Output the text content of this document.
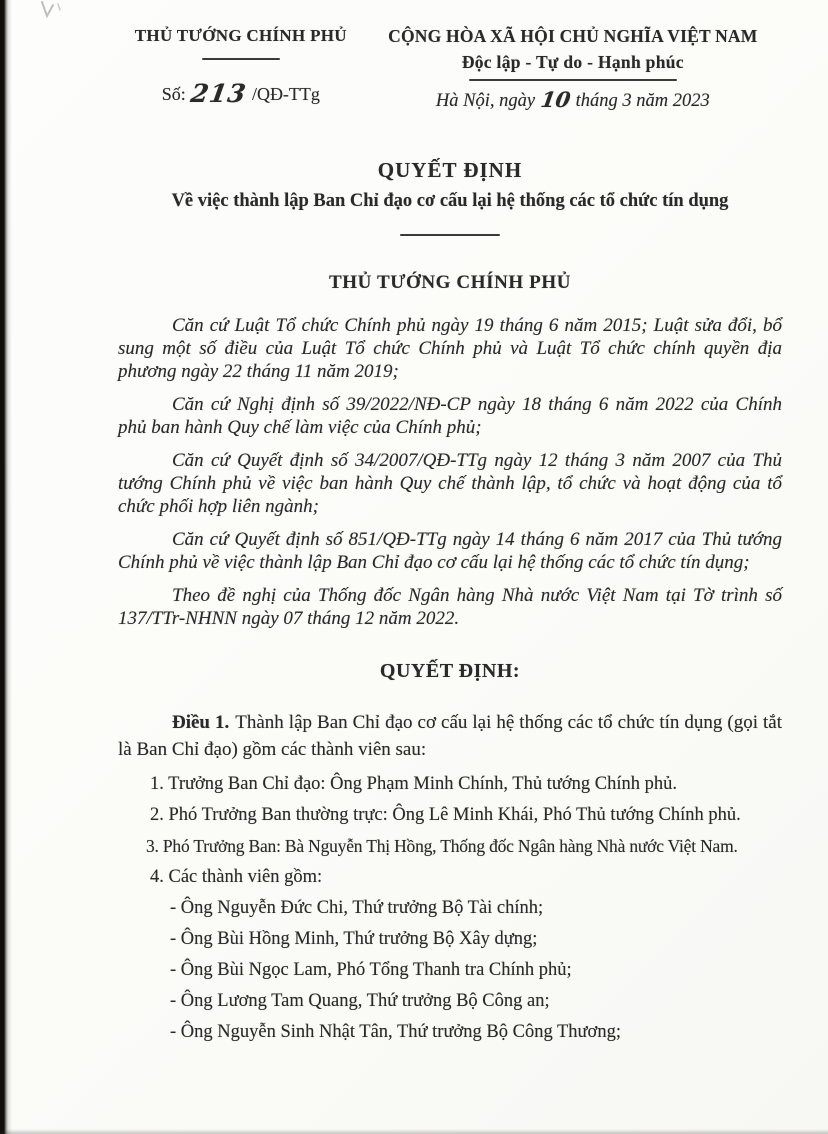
THỦ TƯỚNG CHÍNH PHỦ
Số: 213 /QĐ-TTg
CỘNG HÒA XÃ HỘI CHỦ NGHĨA VIỆT NAM
Độc lập - Tự do - Hạnh phúc
Hà Nội, ngày 10 tháng 3 năm 2023
QUYẾT ĐỊNH
Về việc thành lập Ban Chỉ đạo cơ cấu lại hệ thống các tổ chức tín dụng
THỦ TƯỚNG CHÍNH PHỦ

Căn cứ Luật Tổ chức Chính phủ ngày 19 tháng 6 năm 2015; Luật sửa đổi, bổ sung một số điều của Luật Tổ chức Chính phủ và Luật Tổ chức chính quyền địa phương ngày 22 tháng 11 năm 2019;

Căn cứ Nghị định số 39/2022/NĐ-CP ngày 18 tháng 6 năm 2022 của Chính phủ ban hành Quy chế làm việc của Chính phủ;

Căn cứ Quyết định số 34/2007/QĐ-TTg ngày 12 tháng 3 năm 2007 của Thủ tướng Chính phủ về việc ban hành Quy chế thành lập, tổ chức và hoạt động của tổ chức phối hợp liên ngành;

Căn cứ Quyết định số 851/QĐ-TTg ngày 14 tháng 6 năm 2017 của Thủ tướng Chính phủ về việc thành lập Ban Chỉ đạo cơ cấu lại hệ thống các tổ chức tín dụng;

Theo đề nghị của Thống đốc Ngân hàng Nhà nước Việt Nam tại Tờ trình số 137/TTr-NHNN ngày 07 tháng 12 năm 2022.

QUYẾT ĐỊNH:

Điều 1. Thành lập Ban Chỉ đạo cơ cấu lại hệ thống các tổ chức tín dụng (gọi tắt là Ban Chỉ đạo) gồm các thành viên sau:

1. Trưởng Ban Chỉ đạo: Ông Phạm Minh Chính, Thủ tướng Chính phủ.

2. Phó Trưởng Ban thường trực: Ông Lê Minh Khái, Phó Thủ tướng Chính phủ.

3. Phó Trưởng Ban: Bà Nguyễn Thị Hồng, Thống đốc Ngân hàng Nhà nước Việt Nam.

4. Các thành viên gồm:

- Ông Nguyễn Đức Chi, Thứ trưởng Bộ Tài chính;

- Ông Bùi Hồng Minh, Thứ trưởng Bộ Xây dựng;

- Ông Bùi Ngọc Lam, Phó Tổng Thanh tra Chính phủ;

- Ông Lương Tam Quang, Thứ trưởng Bộ Công an;

- Ông Nguyễn Sinh Nhật Tân, Thứ trưởng Bộ Công Thương;
